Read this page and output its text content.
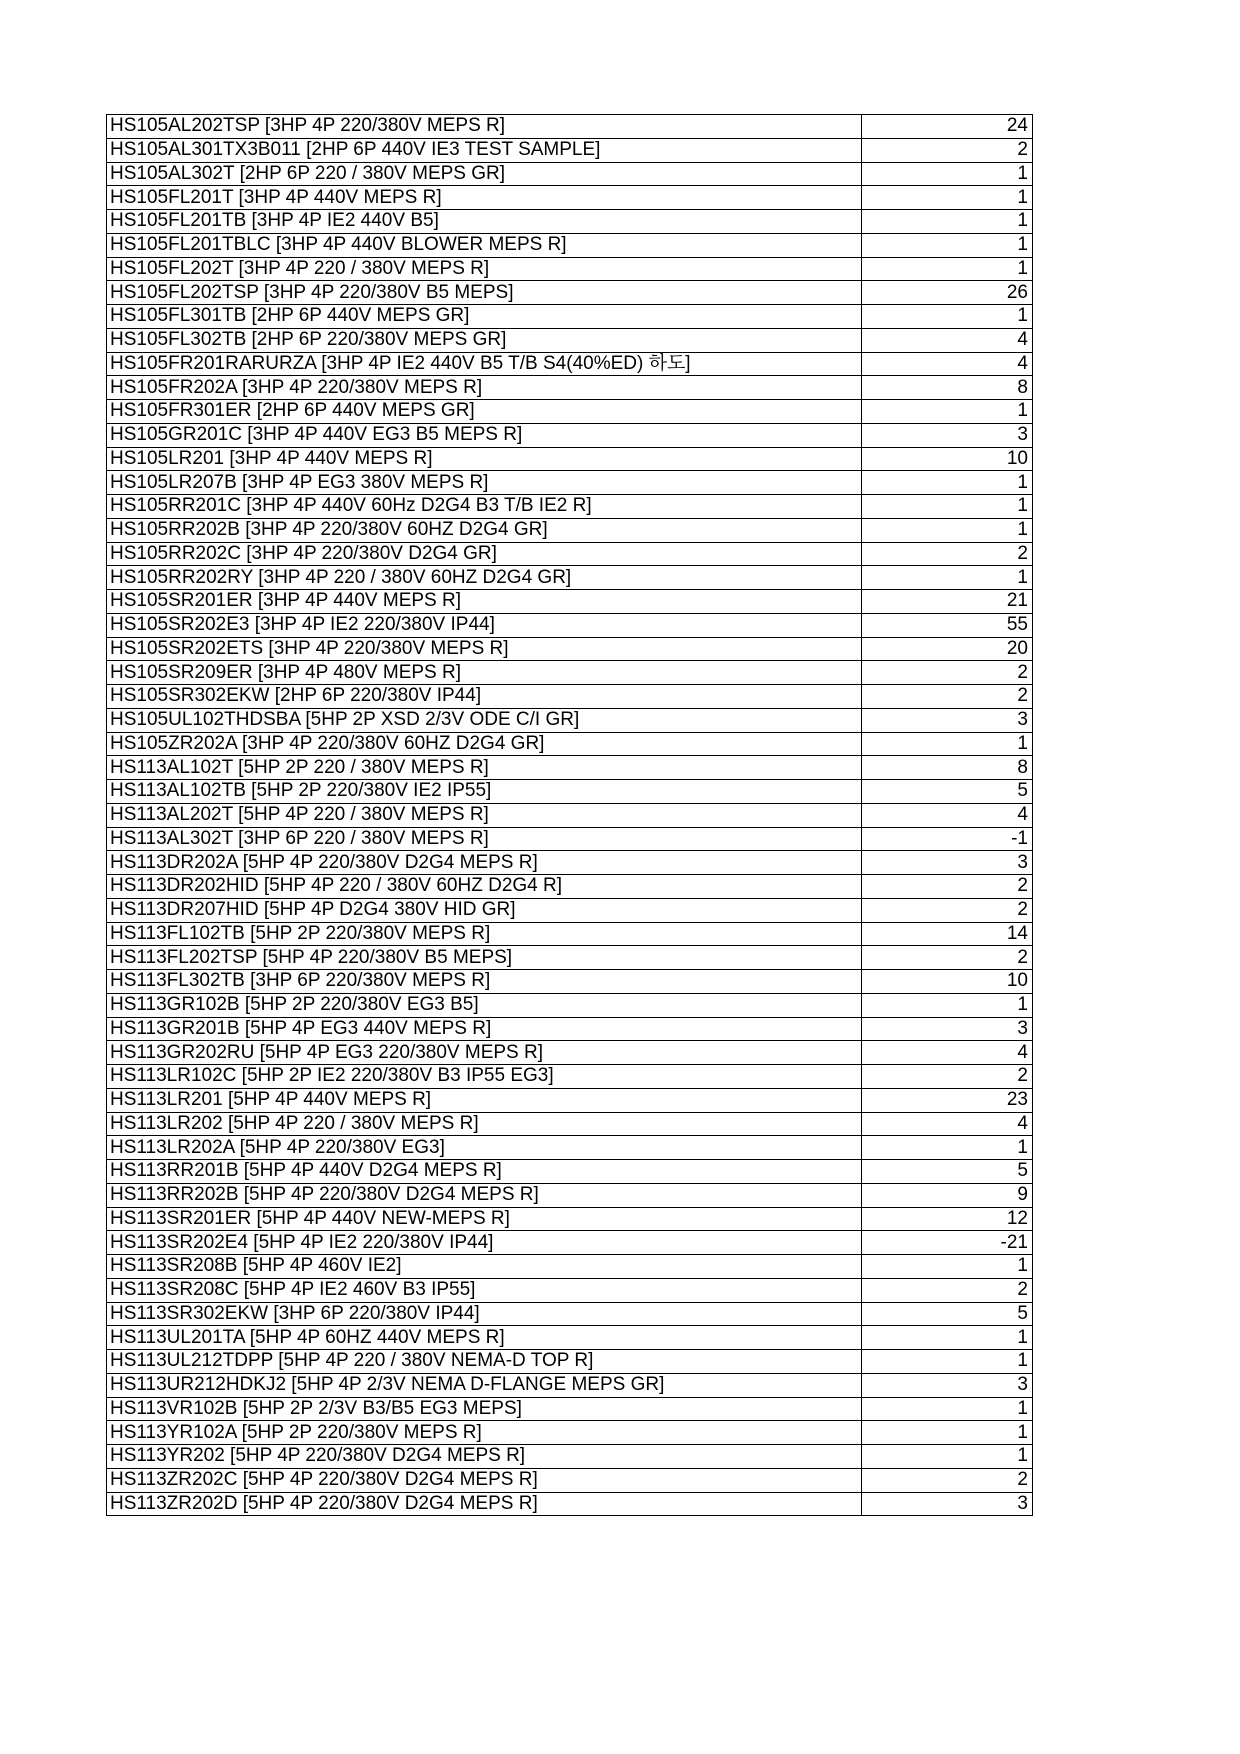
HS105AL202TSP [3HP 4P 220/380V MEPS R]	24
HS105AL301TX3B011 [2HP 6P 440V IE3 TEST SAMPLE]	2
HS105AL302T [2HP 6P 220 / 380V MEPS GR]	1
HS105FL201T [3HP 4P 440V MEPS R]	1
HS105FL201TB [3HP 4P IE2 440V B5]	1
HS105FL201TBLC [3HP 4P 440V BLOWER MEPS R]	1
HS105FL202T [3HP 4P 220 / 380V MEPS R]	1
HS105FL202TSP [3HP 4P 220/380V B5 MEPS]	26
HS105FL301TB [2HP 6P 440V MEPS GR]	1
HS105FL302TB [2HP 6P 220/380V MEPS GR]	4
HS105FR201RARURZA [3HP 4P IE2 440V B5 T/B S4(40%ED) 하도]	4
HS105FR202A [3HP 4P 220/380V MEPS R]	8
HS105FR301ER [2HP 6P 440V MEPS GR]	1
HS105GR201C [3HP 4P 440V EG3 B5 MEPS R]	3
HS105LR201 [3HP 4P 440V MEPS R]	10
HS105LR207B [3HP 4P EG3 380V MEPS R]	1
HS105RR201C [3HP 4P 440V 60Hz D2G4 B3 T/B IE2 R]	1
HS105RR202B [3HP 4P 220/380V 60HZ D2G4 GR]	1
HS105RR202C [3HP 4P 220/380V D2G4 GR]	2
HS105RR202RY [3HP 4P 220 / 380V 60HZ D2G4 GR]	1
HS105SR201ER [3HP 4P 440V MEPS R]	21
HS105SR202E3 [3HP 4P IE2 220/380V IP44]	55
HS105SR202ETS [3HP 4P 220/380V MEPS R]	20
HS105SR209ER [3HP 4P 480V MEPS R]	2
HS105SR302EKW [2HP 6P 220/380V IP44]	2
HS105UL102THDSBA [5HP 2P XSD 2/3V ODE C/I GR]	3
HS105ZR202A [3HP 4P 220/380V 60HZ D2G4 GR]	1
HS113AL102T [5HP 2P 220 / 380V MEPS R]	8
HS113AL102TB [5HP 2P 220/380V IE2 IP55]	5
HS113AL202T [5HP 4P 220 / 380V MEPS R]	4
HS113AL302T [3HP 6P 220 / 380V MEPS R]	-1
HS113DR202A [5HP 4P 220/380V D2G4 MEPS R]	3
HS113DR202HID [5HP 4P 220 / 380V 60HZ D2G4 R]	2
HS113DR207HID [5HP 4P D2G4 380V HID GR]	2
HS113FL102TB [5HP 2P 220/380V MEPS R]	14
HS113FL202TSP [5HP 4P 220/380V B5 MEPS]	2
HS113FL302TB [3HP 6P 220/380V MEPS R]	10
HS113GR102B [5HP 2P 220/380V EG3 B5]	1
HS113GR201B [5HP 4P EG3 440V MEPS R]	3
HS113GR202RU [5HP 4P EG3 220/380V MEPS R]	4
HS113LR102C [5HP 2P IE2 220/380V B3 IP55 EG3]	2
HS113LR201 [5HP 4P 440V MEPS R]	23
HS113LR202 [5HP 4P 220 / 380V MEPS R]	4
HS113LR202A [5HP 4P 220/380V EG3]	1
HS113RR201B [5HP 4P 440V D2G4 MEPS R]	5
HS113RR202B [5HP 4P 220/380V D2G4 MEPS R]	9
HS113SR201ER [5HP 4P 440V NEW-MEPS R]	12
HS113SR202E4 [5HP 4P IE2 220/380V IP44]	-21
HS113SR208B [5HP 4P 460V IE2]	1
HS113SR208C [5HP 4P IE2 460V B3 IP55]	2
HS113SR302EKW [3HP 6P 220/380V IP44]	5
HS113UL201TA [5HP 4P 60HZ 440V MEPS R]	1
HS113UL212TDPP [5HP 4P 220 / 380V NEMA-D TOP R]	1
HS113UR212HDKJ2 [5HP 4P 2/3V NEMA D-FLANGE MEPS GR]	3
HS113VR102B [5HP 2P 2/3V B3/B5 EG3 MEPS]	1
HS113YR102A [5HP 2P 220/380V MEPS R]	1
HS113YR202 [5HP 4P 220/380V D2G4 MEPS R]	1
HS113ZR202C [5HP 4P 220/380V D2G4 MEPS R]	2
HS113ZR202D [5HP 4P 220/380V D2G4 MEPS R]	3
